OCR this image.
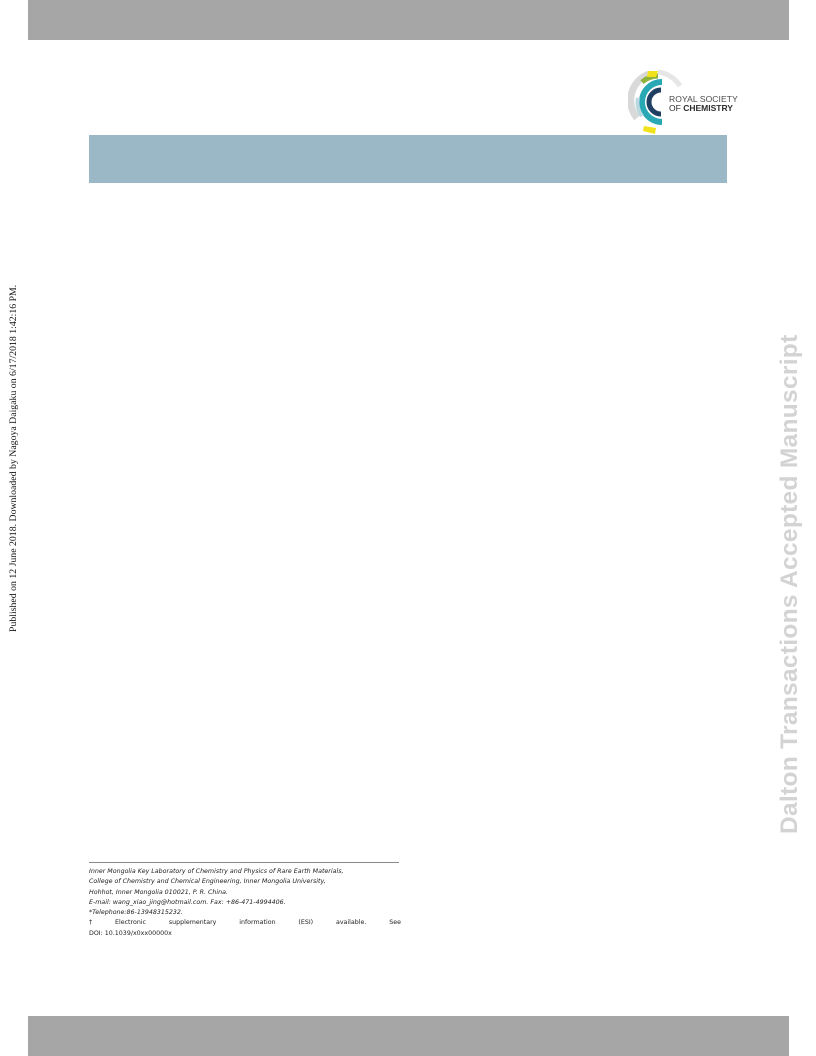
ROYAL SOCIETY
OF CHEMISTRY
Published on 12 June 2018. Downloaded by Nagoya Daigaku on 6/17/2018 1:42:16 PM.	Dalton Transactions Accepted Manuscript
Inner Mongolia Key Laboratory of Chemistry and Physics of Rare Earth Materials,
College of Chemistry and Chemical Engineering, Inner Mongolia University,
Hohhot, Inner Mongolia 010021, P. R. China.
E-mail: wang_xiao_jing@hotmail.com. Fax: +86-471-4994406.
*Telephone:86-13948315232.
†	Electronic	supplementary	information	(ESI)	available.	See
DOI: 10.1039/x0xx00000x
